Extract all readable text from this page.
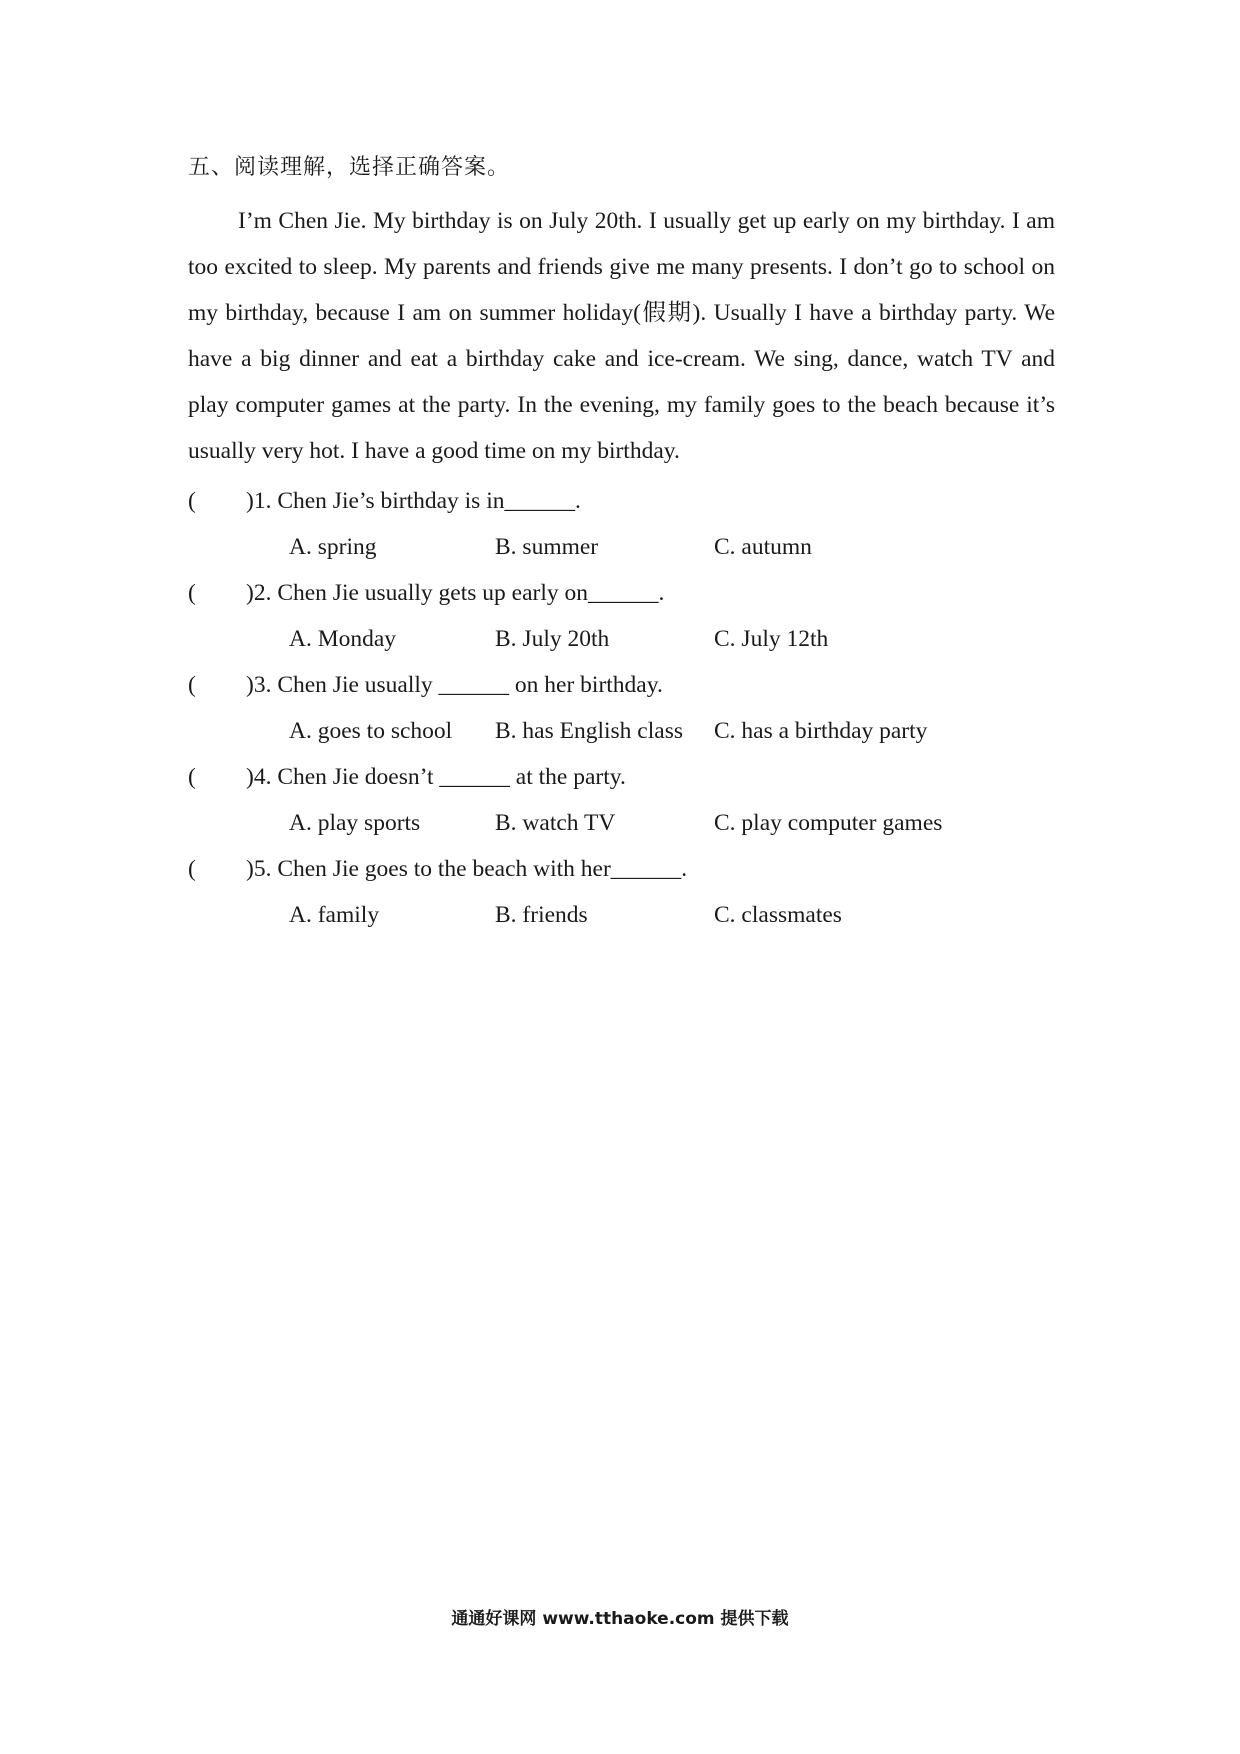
五、阅读理解，选择正确答案。

I’m Chen Jie. My birthday is on July 20th. I usually get up early on my birthday. I am too excited to sleep. My parents and friends give me many presents. I don’t go to school on my birthday, because I am on summer holiday(假期). Usually I have a birthday party. We have a big dinner and eat a birthday cake and ice-cream. We sing, dance, watch TV and play computer games at the party. In the evening, my family goes to the beach because it’s usually very hot. I have a good time on my birthday.

( )1. Chen Jie’s birthday is in______.
A. spring	B. summer	C. autumn
( )2. Chen Jie usually gets up early on______.
A. Monday	B. July 20th	C. July 12th
( )3. Chen Jie usually ______ on her birthday.
A. goes to school B. has English class C. has a birthday party
( )4. Chen Jie doesn’t ______ at the party.
A. play sports	B. watch TV	C. play computer games
( )5. Chen Jie goes to the beach with her______.
A. family	B. friends	C. classmates
通通好课网 www.tthaoke.com 提供下载
